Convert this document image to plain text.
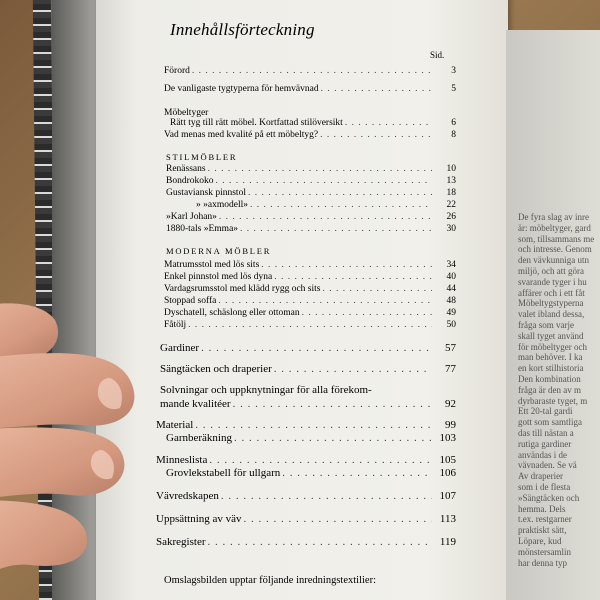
De fyra slag av inre
är: möbeltyger, gard
som, tillsammans me
och intresse. Genom
den vävkunniga utn
miljö, och att göra
svarande tyger i hu
affärer och i ett fåt
Möbeltygstyperna
valet ibland dessa,
fråga som varje
skall tyget använd
för möbeltyger och
man behöver. I ka
en kort stilhistoria
Den kombination
fråga är den av m
dyrbaraste tyget, m
Ett 20-tal gardi
gott som samtliga
das till nästan a
rutiga gardiner
användas i de
vävnaden. Se vä
Av draperier
som i de flesta
»Sängtäcken och
hemma. Dels
t.ex. restgarner
praktiskt sätt,
Löpare, kud
mönstersamlin
har denna typ
Innehållsförteckning
Sid.
Förord . . .	3
De vanligaste tygtyperna för hemvävnad . . .	5
Möbeltyger
Rätt tyg till rätt möbel. Kortfattad stilöversikt . . .	6
Vad menas med kvalité på ett möbeltyg? . . .	8
STILMÖBLER
Renässans . . .	10
Bondrokoko . . .	13
Gustaviansk pinnstol . . .	18
» »axmodell» . . .	22
»Karl Johan» . . .	26
1880-tals »Emma» . . .	30
MODERNA MÖBLER
Matrumsstol med lös sits . . .	34
Enkel pinnstol med lös dyna . . .	40
Vardagsrumsstol med klädd rygg och sits . . .	44
Stoppad soffa . . .	48
Dyschatell, schäslong eller ottoman . . .	49
Fåtölj . . .	50
Gardiner . . .	57
Sängtäcken och draperier . . .	77
Solvningar och uppknytningar för alla förekom-
mande kvalitéer . . .	92
Material . . .	99
Garnberäkning . . .	103
Minneslista . . .	105
Grovlekstabell för ullgarn . . .	106
Vävredskapen . . .	107
Uppsättning av väv . . .	113
Sakregister . . .	119
Omslagsbilden upptar följande inredningstextilier:
